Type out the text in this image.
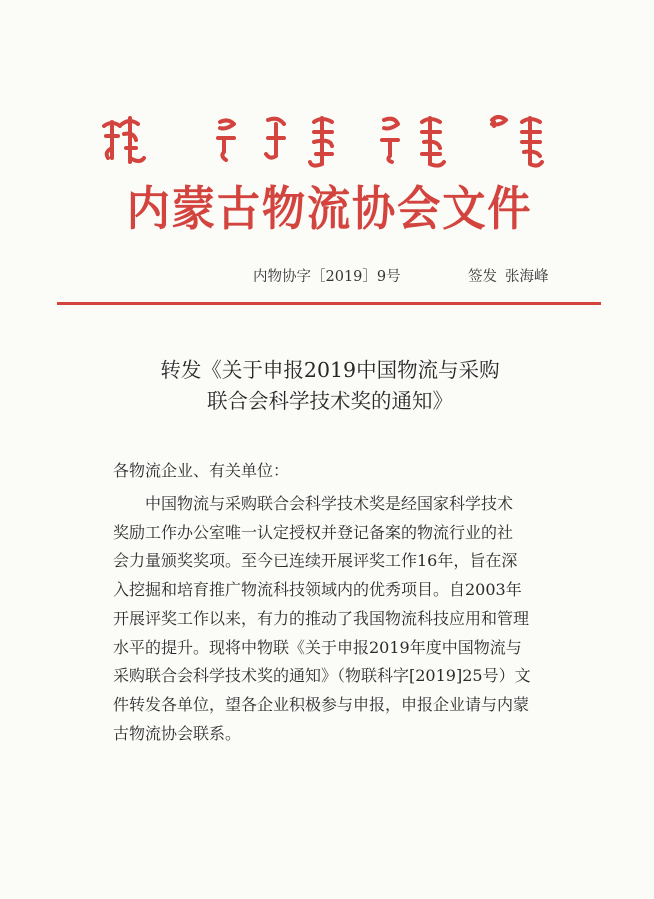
内蒙古物流协会文件
内物协字［2019］9号	签发 张海峰
转发《关于申报2019中国物流与采购
联合会科学技术奖的通知》
各物流企业、有关单位：
中国物流与采购联合会科学技术奖是经国家科学技术
奖励工作办公室唯一认定授权并登记备案的物流行业的社
会力量颁奖奖项。至今已连续开展评奖工作16年，旨在深
入挖掘和培育推广物流科技领域内的优秀项目。自2003年
开展评奖工作以来，有力的推动了我国物流科技应用和管理
水平的提升。现将中物联《关于申报2019年度中国物流与
采购联合会科学技术奖的通知》（物联科字[2019]25号）文
件转发各单位，望各企业积极参与申报，申报企业请与内蒙
古物流协会联系。
